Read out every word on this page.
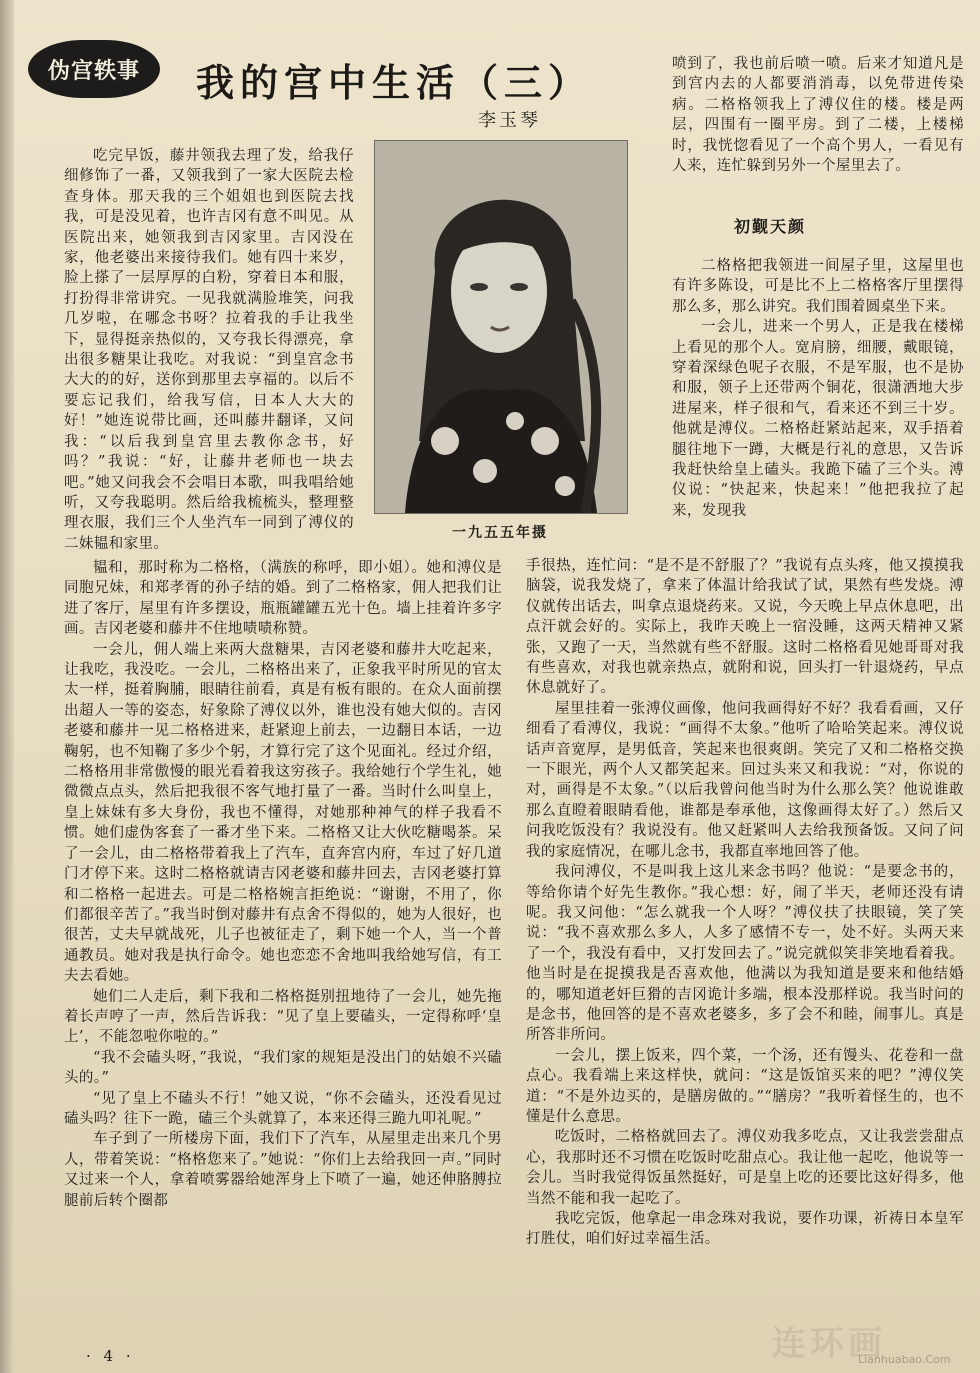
伪宫轶事	我的宫中生活（三）
李玉琴

吃完早饭，藤井领我去理了发，给我仔细修饰了一番，又领我到了一家大医院去检查身体。那天我的三个姐姐也到医院去找我，可是没见着，也许吉冈有意不叫见。从医院出来，她领我到吉冈家里。吉冈没在家，他老婆出来接待我们。她有四十来岁，脸上搽了一层厚厚的白粉，穿着日本和服，打扮得非常讲究。一见我就满脸堆笑，问我几岁啦，在哪念书呀？拉着我的手让我坐下，显得挺亲热似的，又夸我长得漂亮，拿出很多糖果让我吃。对我说：“到皇宫念书大大的的好，送你到那里去享福的。以后不要忘记我们，给我写信，日本人大大的好！”她连说带比画，还叫藤井翻译，又问我：“以后我到皇宫里去教你念书，好吗？”我说：“好，让藤井老师也一块去吧。”她又问我会不会唱日本歌，叫我唱给她听，又夸我聪明。然后给我梳梳头，整理整理衣服，我们三个人坐汽车一同到了溥仪的二妹韫和家里。

一九五五年摄

韫和，那时称为二格格，（满族的称呼，即小姐）。她和溥仪是同胞兄妹，和郑孝胥的孙子结的婚。到了二格格家，佣人把我们让进了客厅，屋里有许多摆设，瓶瓶罐罐五光十色。墙上挂着许多字画。吉冈老婆和藤井不住地啧啧称赞。

一会儿，佣人端上来两大盘糖果，吉冈老婆和藤井大吃起来，让我吃，我没吃。一会儿，二格格出来了，正象我平时所见的官太太一样，挺着胸脯，眼睛往前看，真是有板有眼的。在众人面前摆出超人一等的姿态，好象除了溥仪以外，谁也没有她大似的。吉冈老婆和藤井一见二格格进来，赶紧迎上前去，一边翻日本话，一边鞠躬，也不知鞠了多少个躬，才算行完了这个见面礼。经过介绍，二格格用非常傲慢的眼光看着我这穷孩子。我给她行个学生礼，她微微点点头，然后把我很不客气地打量了一番。当时什么叫皇上，皇上妹妹有多大身份，我也不懂得，对她那种神气的样子我看不惯。她们虚伪客套了一番才坐下来。二格格又让大伙吃糖喝茶。呆了一会儿，由二格格带着我上了汽车，直奔宫内府，车过了好几道门才停下来。这时二格格就请吉冈老婆和藤井回去，吉冈老婆打算和二格格一起进去。可是二格格婉言拒绝说：“谢谢，不用了，你们都很辛苦了。”我当时倒对藤井有点舍不得似的，她为人很好，也很苦，丈夫早就战死，儿子也被征走了，剩下她一个人，当一个普通教员。她对我是执行命令。她也恋恋不舍地叫我给她写信，有工夫去看她。

她们二人走后，剩下我和二格格挺别扭地待了一会儿，她先拖着长声哼了一声，然后告诉我：“见了皇上要磕头，一定得称呼‘皇上’，不能忽啦你啦的。”

“我不会磕头呀，”我说，“我们家的规矩是没出门的姑娘不兴磕头的。”

“见了皇上不磕头不行！”她又说，“你不会磕头，还没看见过磕头吗？往下一跪，磕三个头就算了，本来还得三跪九叩礼呢。”

车子到了一所楼房下面，我们下了汽车，从屋里走出来几个男人，带着笑说：“格格您来了。”她说：“你们上去给我回一声。”同时又过来一个人，拿着喷雾器给她浑身上下喷了一遍，她还伸胳膊拉腿前后转个圈都

喷到了，我也前后喷一喷。后来才知道凡是到宫内去的人都要消消毒，以免带进传染病。二格格领我上了溥仪住的楼。楼是两层，四围有一圈平房。到了二楼，上楼梯时，我恍惚看见了一个高个男人，一看见有人来，连忙躲到另外一个屋里去了。

初觐天颜

二格格把我领进一间屋子里，这屋里也有许多陈设，可是比不上二格格客厅里摆得那么多，那么讲究。我们围着圆桌坐下来。

一会儿，进来一个男人，正是我在楼梯上看见的那个人。宽肩膀，细腰，戴眼镜，穿着深绿色呢子衣服，不是军服，也不是协和服，领子上还带两个铜花，很潇洒地大步进屋来，样子很和气，看来还不到三十岁。他就是溥仪。二格格赶紧站起来，双手捂着腿往地下一蹲，大概是行礼的意思，又告诉我赶快给皇上磕头。我跪下磕了三个头。溥仪说：“快起来，快起来！”他把我拉了起来，发现我

手很热，连忙问：“是不是不舒服了？”我说有点头疼，他又摸摸我脑袋，说我发烧了，拿来了体温计给我试了试，果然有些发烧。溥仪就传出话去，叫拿点退烧药来。又说，今天晚上早点休息吧，出点汗就会好的。实际上，我昨天晚上一宿没睡，这两天精神又紧张，又跑了一天，当然就有些不舒服。这时二格格看见她哥哥对我有些喜欢，对我也就亲热点，就附和说，回头打一针退烧药，早点休息就好了。

屋里挂着一张溥仪画像，他问我画得好不好？我看看画，又仔细看了看溥仪，我说：“画得不太象。”他听了哈哈笑起来。溥仪说话声音宽厚，是男低音，笑起来也很爽朗。笑完了又和二格格交换一下眼光，两个人又都笑起来。回过头来又和我说：“对，你说的对，画得是不太象。”（以后我曾问他当时为什么那么笑？他说谁敢那么直瞪着眼睛看他，谁都是奉承他，这像画得太好了。）然后又问我吃饭没有？我说没有。他又赶紧叫人去给我预备饭。又问了问我的家庭情况，在哪儿念书，我都直率地回答了他。

我问溥仪，不是叫我上这儿来念书吗？他说：“是要念书的，等给你请个好先生教你。”我心想：好，闹了半天，老师还没有请呢。我又问他：“怎么就我一个人呀？”溥仪扶了扶眼镜，笑了笑说：“我不喜欢那么多人，人多了感情不专一，处不好。头两天来了一个，我没有看中，又打发回去了。”说完就似笑非笑地看着我。他当时是在捉摸我是否喜欢他，他满以为我知道是要来和他结婚的，哪知道老奸巨猾的吉冈诡计多端，根本没那样说。我当时问的是念书，他回答的是不喜欢老婆多，多了会不和睦，闹事儿。真是所答非所问。

一会儿，摆上饭来，四个菜，一个汤，还有馒头、花卷和一盘点心。我看端上来这样快，就问：“这是饭馆买来的吧？”溥仪笑道：“不是外边买的，是膳房做的。”“膳房？”我听着怪生的，也不懂是什么意思。

吃饭时，二格格就回去了。溥仪劝我多吃点，又让我尝尝甜点心，我那时还不习惯在吃饭时吃甜点心。我让他一起吃，他说等一会儿。当时我觉得饭虽然挺好，可是皇上吃的还要比这好得多，他当然不能和我一起吃了。

我吃完饭，他拿起一串念珠对我说，要作功课，祈祷日本皇军打胜仗，咱们好过幸福生活。

· 4 ·	连环画
Lianhuabao.Com
